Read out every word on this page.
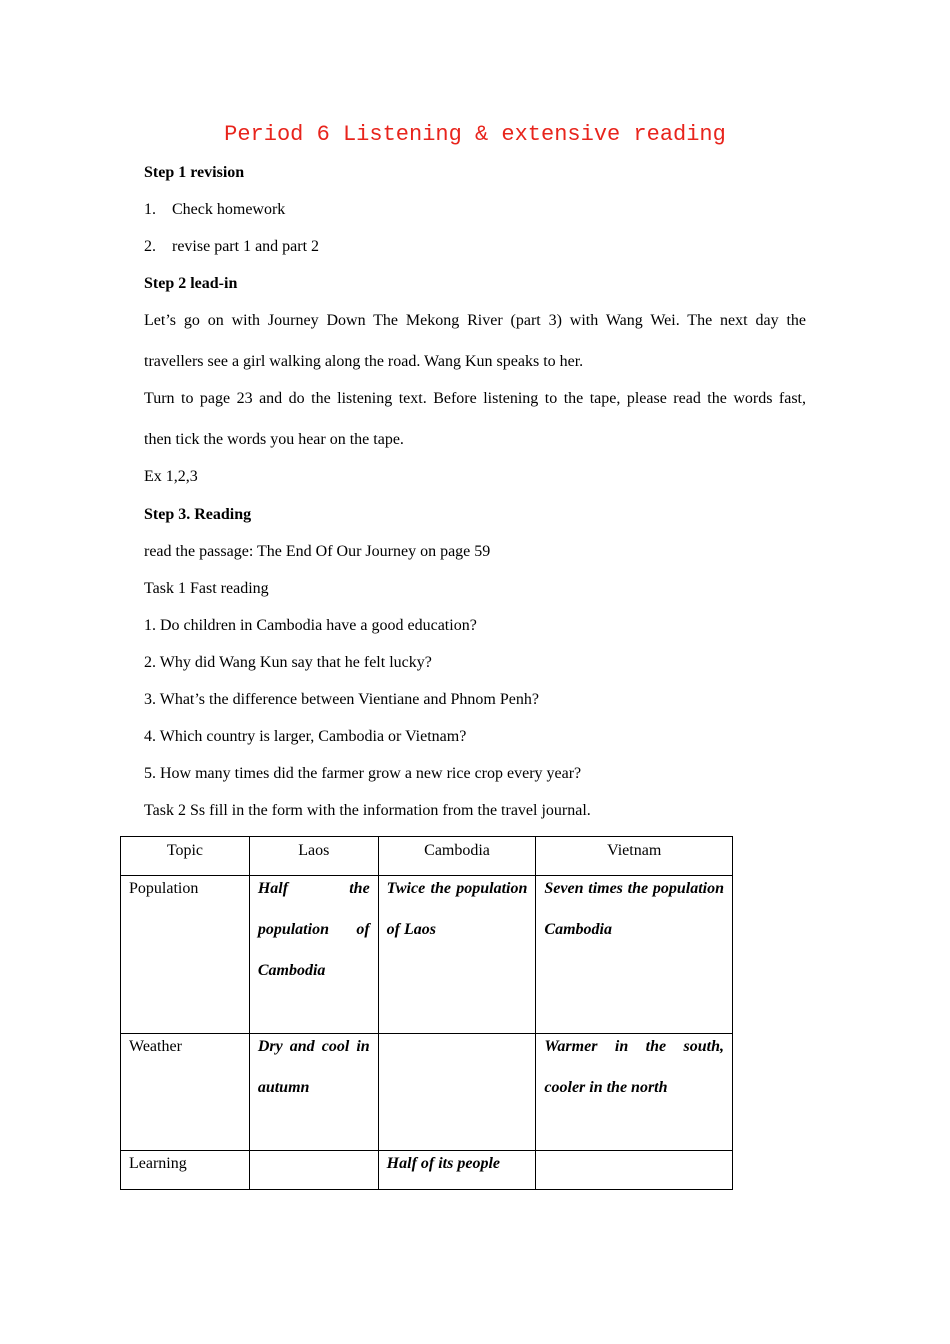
Period 6 Listening & extensive reading
Step 1 revision
1. Check homework
2. revise part 1 and part 2
Step 2 lead-in
Let’s go on with Journey Down The Mekong River (part 3) with Wang Wei. The next day the
travellers see a girl walking along the road. Wang Kun speaks to her.
Turn to page 23 and do the listening text. Before listening to the tape, please read the words fast,
then tick the words you hear on the tape.
Ex 1,2,3
Step 3. Reading
read the passage: The End Of Our Journey on page 59
Task 1 Fast reading
1. Do children in Cambodia have a good education?
2. Why did Wang Kun say that he felt lucky?
3. What’s the difference between Vientiane and Phnom Penh?
4. Which country is larger, Cambodia or Vietnam?
5. How many times did the farmer grow a new rice crop every year?
Task 2 Ss fill in the form with the information from the travel journal.
Topic	Laos	Cambodia	Vietnam

Population	Half the population of Cambodia	Twice the population of Laos	Seven times the population Cambodia

Weather	Dry and cool in autumn		Warmer in the south, cooler in the north

Learning		Half of its people	
